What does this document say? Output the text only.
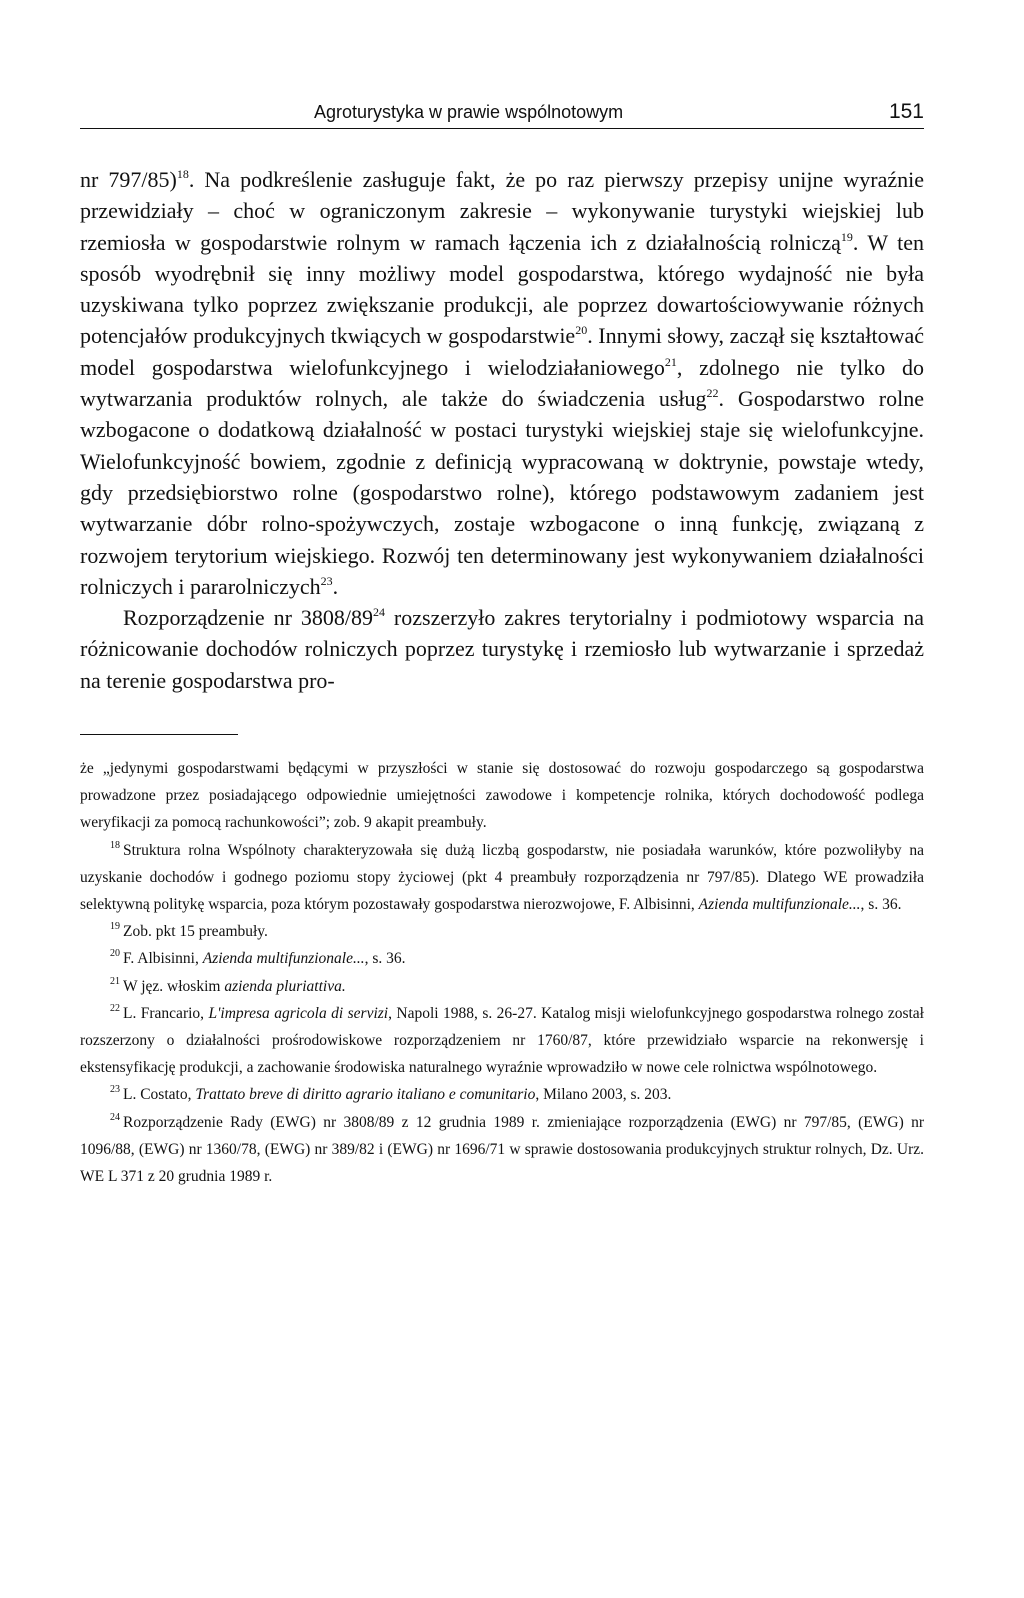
Agroturystyka w prawie wspólnotowym	151

nr 797/85)$^{18}$. Na podkreślenie zasługuje fakt, że po raz pierwszy przepisy unijne wyraźnie przewidziały – choć w ograniczonym zakresie – wykonywanie turystyki wiejskiej lub rzemiosła w gospodarstwie rolnym w ramach łączenia ich z działalnością rolniczą$^{19}$. W ten sposób wyodrębnił się inny możliwy model gospodarstwa, którego wydajność nie była uzyskiwana tylko poprzez zwiększanie produkcji, ale poprzez dowartościowywanie różnych potencjałów produkcyjnych tkwiących w gospodarstwie$^{20}$. Innymi słowy, zaczął się kształtować model gospodarstwa wielofunkcyjnego i wielodziałaniowego$^{21}$, zdolnego nie tylko do wytwarzania produktów rolnych, ale także do świadczenia usług$^{22}$. Gospodarstwo rolne wzbogacone o dodatkową działalność w postaci turystyki wiejskiej staje się wielofunkcyjne. Wielofunkcyjność bowiem, zgodnie z definicją wypracowaną w doktrynie, powstaje wtedy, gdy przedsiębiorstwo rolne (gospodarstwo rolne), którego podstawowym zadaniem jest wytwarzanie dóbr rolno-spożywczych, zostaje wzbogacone o inną funkcję, związaną z rozwojem terytorium wiejskiego. Rozwój ten determinowany jest wykonywaniem działalności rolniczych i pararolniczych$^{23}$.

Rozporządzenie nr $3808/89^{24}$ rozszerzyło zakres terytorialny i podmiotowy wsparcia na różnicowanie dochodów rolniczych poprzez turystykę i rzemiosło lub wytwarzanie i sprzedaż na terenie gospodarstwa pro-

że „jedynymi gospodarstwami będącymi w przyszłości w stanie się dostosować do rozwoju gospodarczego są gospodarstwa prowadzone przez posiadającego odpowiednie umiejętności zawodowe i kompetencje rolnika, których dochodowość podlega weryfikacji za pomocą rachunkowości”; zob. 9 akapit preambuły.

$^{18}$ Struktura rolna Wspólnoty charakteryzowała się dużą liczbą gospodarstw, nie posiadała warunków, które pozwoliłyby na uzyskanie dochodów i godnego poziomu stopy życiowej (pkt 4 preambuły rozporządzenia nr 797/85). Dlatego WE prowadziła selektywną politykę wsparcia, poza którym pozostawały gospodarstwa nierozwojowe, F. Albisinni, Azienda multifunzionale..., s. 36.

$^{19}$ Zob. pkt 15 preambuły.

$^{20}$ F. Albisinni, Azienda multifunzionale..., s. 36.

$^{21}$ W jęz. włoskim azienda pluriattiva.

$^{22}$ L. Francario, L'impresa agricola di servizi, Napoli 1988, s. 26-27. Katalog misji wielofunkcyjnego gospodarstwa rolnego został rozszerzony o działalności prośrodowiskowe rozporządzeniem nr 1760/87, które przewidziało wsparcie na rekonwersję i ekstensyfikację produkcji, a zachowanie środowiska naturalnego wyraźnie wprowadziło w nowe cele rolnictwa wspólnotowego.

$^{23}$ L. Costato, Trattato breve di diritto agrario italiano e comunitario, Milano 2003, s. 203.

$^{24}$ Rozporządzenie Rady (EWG) nr 3808/89 z 12 grudnia 1989 r. zmieniające rozporządzenia (EWG) nr 797/85, (EWG) nr 1096/88, (EWG) nr 1360/78, (EWG) nr 389/82 i (EWG) nr 1696/71 w sprawie dostosowania produkcyjnych struktur rolnych, Dz. Urz. WE L 371 z 20 grudnia 1989 r.
